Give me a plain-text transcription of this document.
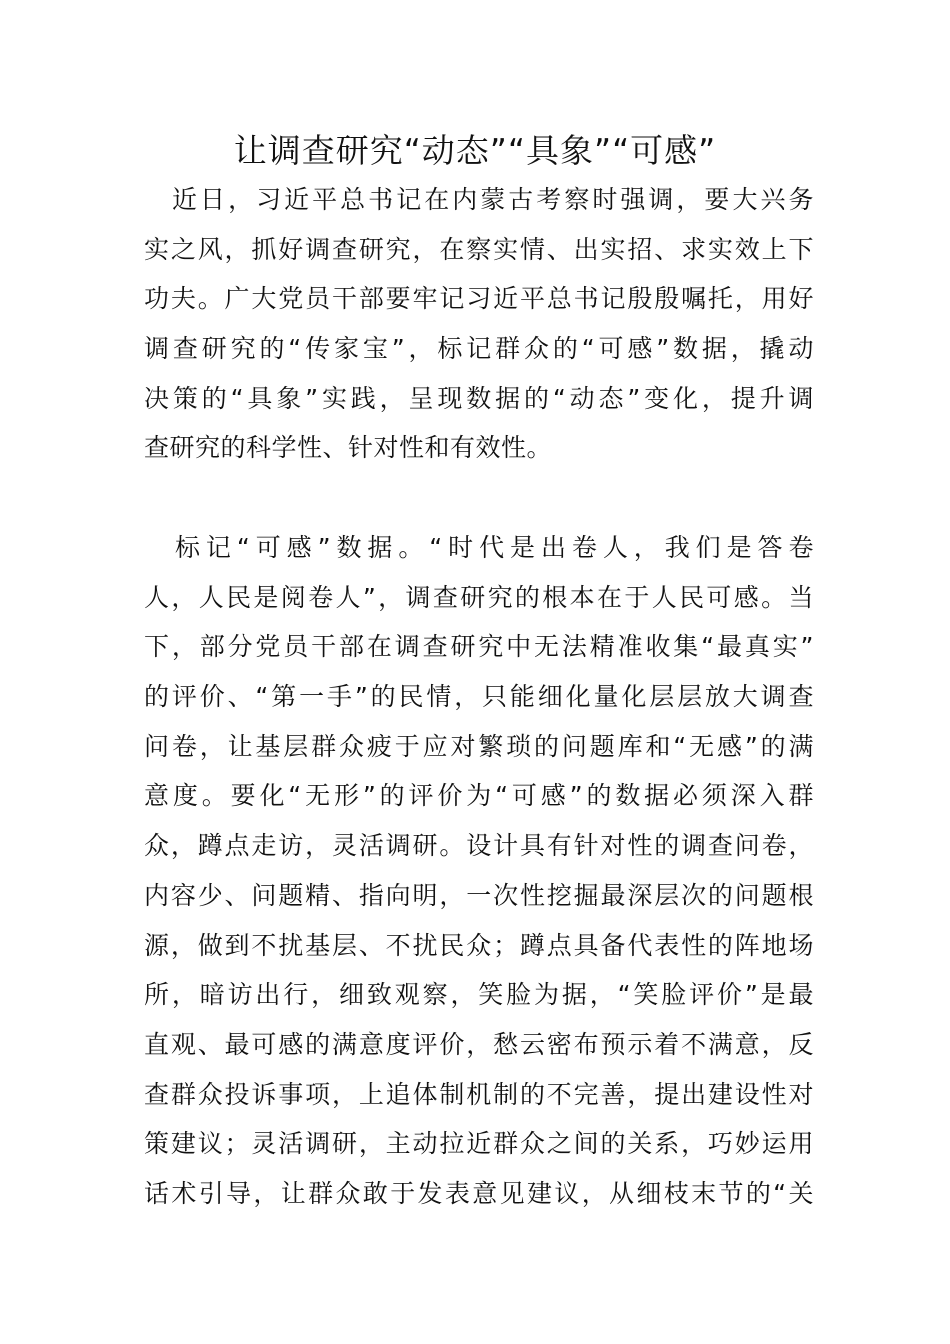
让调查研究“动态”“具象”“可感”
　近日，习近平总书记在内蒙古考察时强调，要大兴务
实之风，抓好调查研究，在察实情、出实招、求实效上下
功夫。广大党员干部要牢记习近平总书记殷殷嘱托，用好
调查研究的“传家宝”，标记群众的“可感”数据，撬动
决策的“具象”实践，呈现数据的“动态”变化，提升调
查研究的科学性、针对性和有效性。
　标记“可感”数据。“时代是出卷人，我们是答卷
人，人民是阅卷人”，调查研究的根本在于人民可感。当
下，部分党员干部在调查研究中无法精准收集“最真实”
的评价、“第一手”的民情，只能细化量化层层放大调查
问卷，让基层群众疲于应对繁琐的问题库和“无感”的满
意度。要化“无形”的评价为“可感”的数据必须深入群
众，蹲点走访，灵活调研。设计具有针对性的调查问卷，
内容少、问题精、指向明，一次性挖掘最深层次的问题根
源，做到不扰基层、不扰民众；蹲点具备代表性的阵地场
所，暗访出行，细致观察，笑脸为据，“笑脸评价”是最
直观、最可感的满意度评价，愁云密布预示着不满意，反
查群众投诉事项，上追体制机制的不完善，提出建设性对
策建议；灵活调研，主动拉近群众之间的关系，巧妙运用
话术引导，让群众敢于发表意见建议，从细枝末节的“关
